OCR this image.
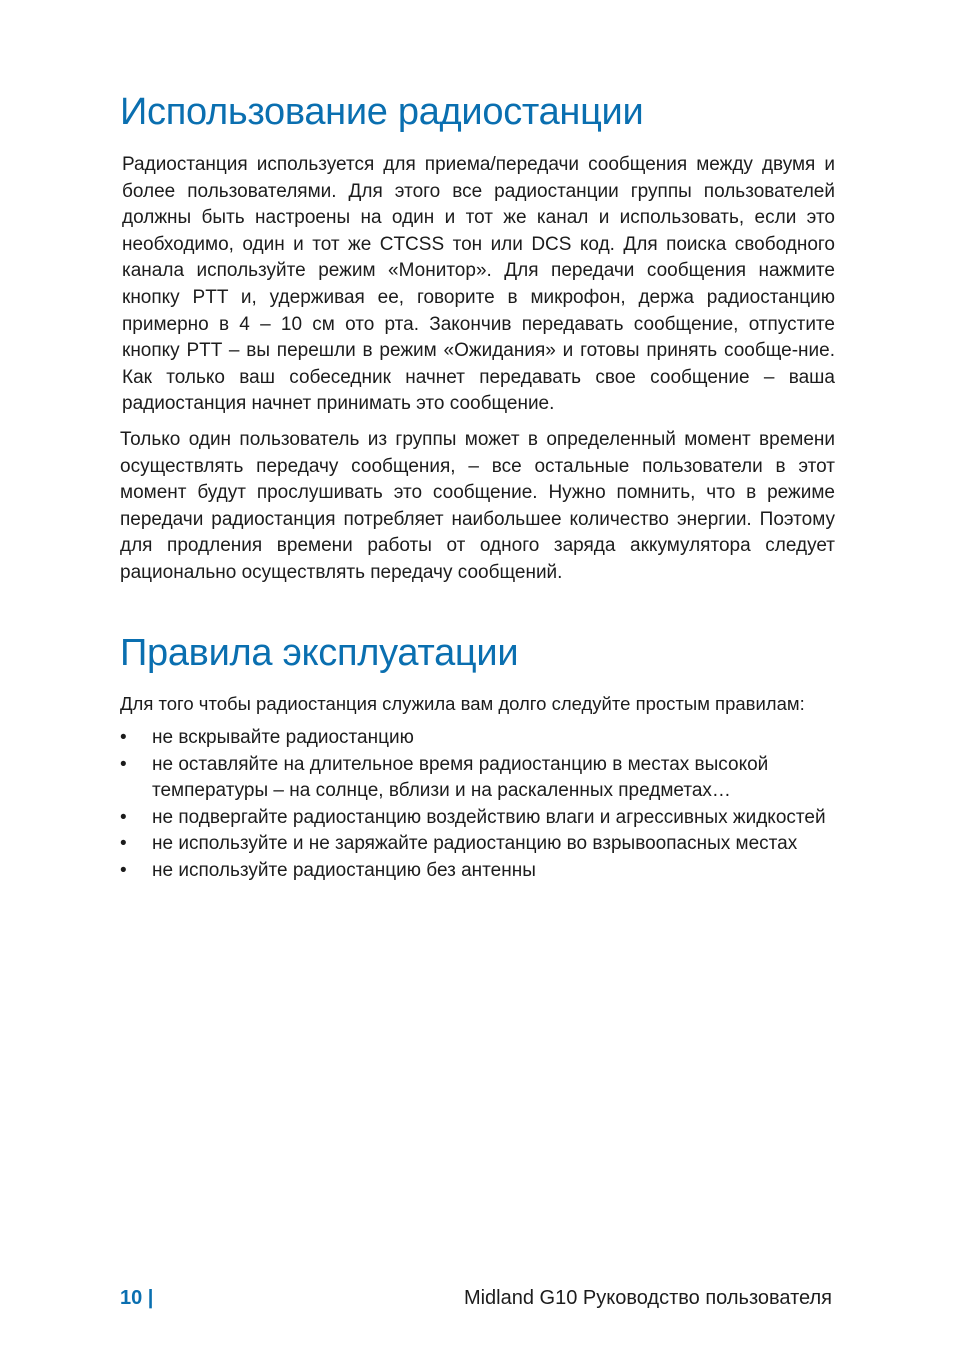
Использование радиостанции

Радиостанция используется для приема/передачи сообщения между двумя и более пользователями. Для этого все радиостанции группы пользователей должны быть настроены на один и тот же канал и использовать, если это необходимо, один и тот же CTCSS тон или DCS код. Для поиска свободного канала используйте режим «Монитор». Для передачи сообщения нажмите кнопку PTT и, удерживая ее, говорите в микрофон, держа радиостанцию примерно в 4 – 10 см ото рта. Закончив передавать сообщение, отпустите кнопку PTT – вы перешли в режим «Ожидания» и готовы принять сообще-ние. Как только ваш собеседник начнет передавать свое сообщение – ваша радиостанция начнет принимать это сообщение.

Только один пользователь из группы может в определенный момент времени осуществлять передачу сообщения, – все остальные пользователи в этот момент будут прослушивать это сообщение. Нужно помнить, что в режиме передачи радиостанция потребляет наибольшее количество энергии. Поэтому для продления времени работы от одного заряда аккумулятора следует рационально осуществлять передачу сообщений.

Правила эксплуатации

Для того чтобы радиостанция служила вам долго следуйте простым правилам:

• не вскрывайте радиостанцию
• не оставляйте на длительное время радиостанцию в местах высокой температуры – на солнце, вблизи и на раскаленных предметах…
• не подвергайте радиостанцию воздействию влаги и агрессивных жидкостей
• не используйте и не заряжайте радиостанцию во взрывоопасных местах
• не используйте радиостанцию без антенны
10 |	Midland G10 Руководство пользователя
